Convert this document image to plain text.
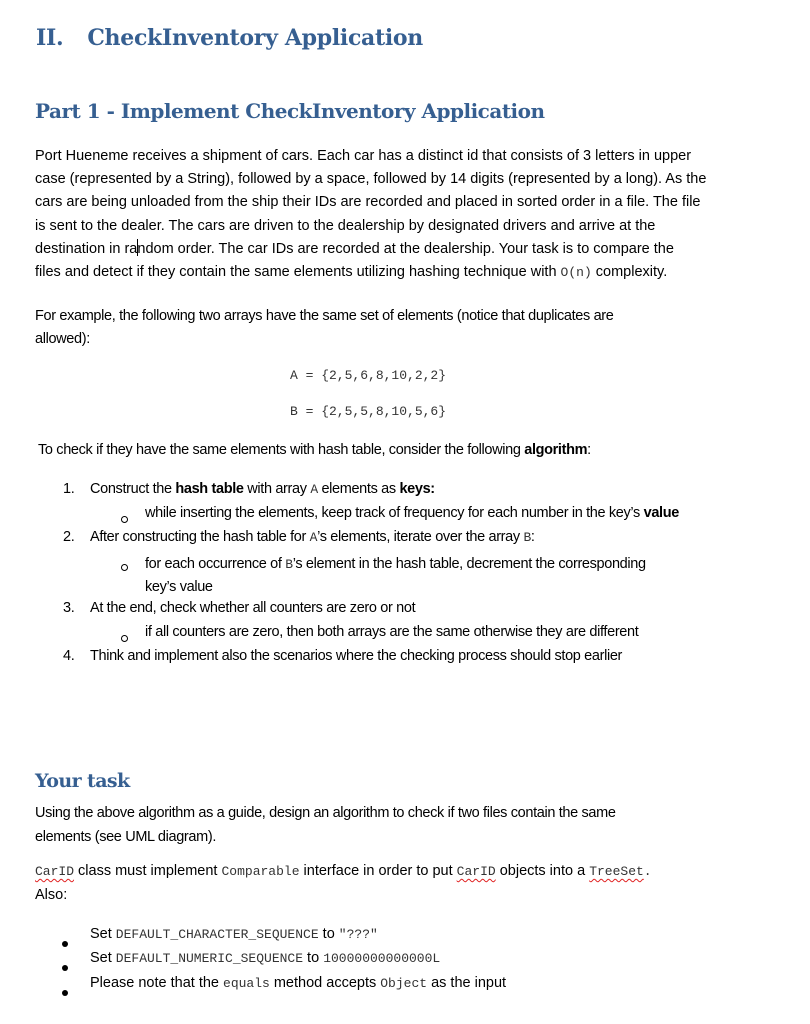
II. CheckInventory Application
Part 1 - Implement CheckInventory Application
Port Hueneme receives a shipment of cars. Each car has a distinct id that consists of 3 letters in upper
case (represented by a String), followed by a space, followed by 14 digits (represented by a long). As the
cars are being unloaded from the ship their IDs are recorded and placed in sorted order in a file. The file
is sent to the dealer. The cars are driven to the dealership by designated drivers and arrive at the
destination in random order. The car IDs are recorded at the dealership. Your task is to compare the
files and detect if they contain the same elements utilizing hashing technique with O(n) complexity.
For example, the following two arrays have the same set of elements (notice that duplicates are
allowed):
A = {2,5,6,8,10,2,2}
B = {2,5,5,8,10,5,6}
To check if they have the same elements with hash table, consider the following algorithm:
1. Construct the hash table with array A elements as keys:
while inserting the elements, keep track of frequency for each number in the key’s value
2. After constructing the hash table for A’s elements, iterate over the array B:
for each occurrence of B’s element in the hash table, decrement the corresponding
key’s value
3. At the end, check whether all counters are zero or not
if all counters are zero, then both arrays are the same otherwise they are different
4. Think and implement also the scenarios where the checking process should stop earlier
Your task
Using the above algorithm as a guide, design an algorithm to check if two files contain the same
elements (see UML diagram).
CarID class must implement Comparable interface in order to put CarID objects into a TreeSet.
Also:
Set DEFAULT_CHARACTER_SEQUENCE to "???"
Set DEFAULT_NUMERIC_SEQUENCE to 10000000000000L
Please note that the equals method accepts Object as the input
